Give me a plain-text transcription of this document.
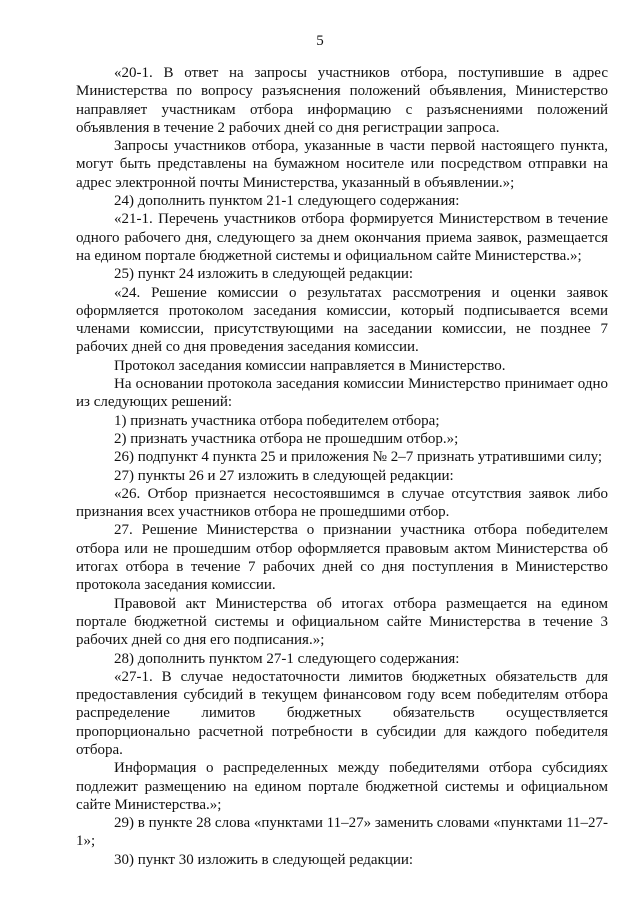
5

«20-1. В ответ на запросы участников отбора, поступившие в адрес Министерства по вопросу разъяснения положений объявления, Министерство направляет участникам отбора информацию с разъяснениями положений объявления в течение 2 рабочих дней со дня регистрации запроса.

Запросы участников отбора, указанные в части первой настоящего пункта, могут быть представлены на бумажном носителе или посредством отправки на адрес электронной почты Министерства, указанный в объявлении.»;

24) дополнить пунктом 21-1 следующего содержания:

«21-1. Перечень участников отбора формируется Министерством в течение одного рабочего дня, следующего за днем окончания приема заявок, размещается на едином портале бюджетной системы и официальном сайте Министерства.»;

25) пункт 24 изложить в следующей редакции:

«24. Решение комиссии о результатах рассмотрения и оценки заявок оформляется протоколом заседания комиссии, который подписывается всеми членами комиссии, присутствующими на заседании комиссии, не позднее 7 рабочих дней со дня проведения заседания комиссии.

Протокол заседания комиссии направляется в Министерство.

На основании протокола заседания комиссии Министерство принимает одно из следующих решений:

1) признать участника отбора победителем отбора;

2) признать участника отбора не прошедшим отбор.»;

26) подпункт 4 пункта 25 и приложения № 2–7 признать утратившими силу;

27) пункты 26 и 27 изложить в следующей редакции:

«26. Отбор признается несостоявшимся в случае отсутствия заявок либо признания всех участников отбора не прошедшими отбор.

27. Решение Министерства о признании участника отбора победителем отбора или не прошедшим отбор оформляется правовым актом Министерства об итогах отбора в течение 7 рабочих дней со дня поступления в Министерство протокола заседания комиссии.

Правовой акт Министерства об итогах отбора размещается на едином портале бюджетной системы и официальном сайте Министерства в течение 3 рабочих дней со дня его подписания.»;

28) дополнить пунктом 27-1 следующего содержания:

«27-1. В случае недостаточности лимитов бюджетных обязательств для предоставления субсидий в текущем финансовом году всем победителям отбора распределение лимитов бюджетных обязательств осуществляется пропорционально расчетной потребности в субсидии для каждого победителя отбора.

Информация о распределенных между победителями отбора субсидиях подлежит размещению на едином портале бюджетной системы и официальном сайте Министерства.»;

29) в пункте 28 слова «пунктами 11–27» заменить словами «пунктами 11–27-1»;

30) пункт 30 изложить в следующей редакции:
